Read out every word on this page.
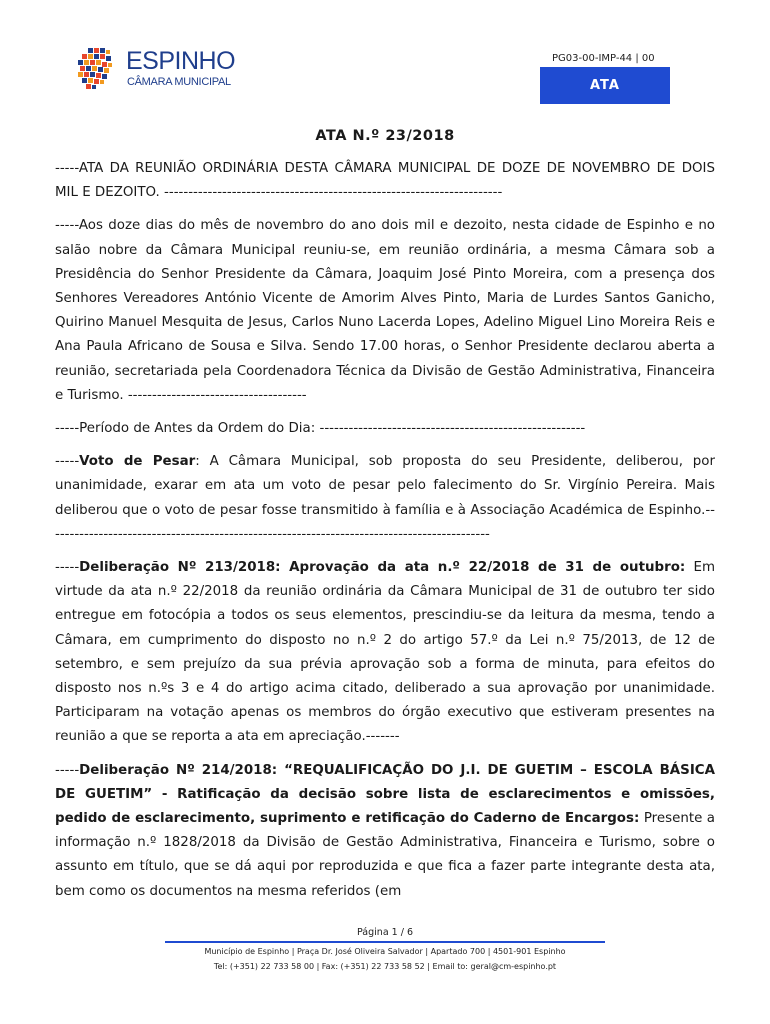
ESPINHO
CÂMARA MUNICIPAL
PG03-00-IMP-44 | 00
ATA
ATA N.º 23/2018

-----ATA DA REUNIÃO ORDINÁRIA DESTA CÂMARA MUNICIPAL DE DOZE DE NOVEMBRO DE DOIS MIL E DEZOITO. ----------------------------------------------------------------------

-----Aos doze dias do mês de novembro do ano dois mil e dezoito, nesta cidade de Espinho e no salão nobre da Câmara Municipal reuniu-se, em reunião ordinária, a mesma Câmara sob a Presidência do Senhor Presidente da Câmara, Joaquim José Pinto Moreira, com a presença dos Senhores Vereadores António Vicente de Amorim Alves Pinto, Maria de Lurdes Santos Ganicho, Quirino Manuel Mesquita de Jesus, Carlos Nuno Lacerda Lopes, Adelino Miguel Lino Moreira Reis e Ana Paula Africano de Sousa e Silva. Sendo 17.00 horas, o Senhor Presidente declarou aberta a reunião, secretariada pela Coordenadora Técnica da Divisão de Gestão Administrativa, Financeira e Turismo. -------------------------------------

-----Período de Antes da Ordem do Dia: -------------------------------------------------------

-----Voto de Pesar: A Câmara Municipal, sob proposta do seu Presidente, deliberou, por unanimidade, exarar em ata um voto de pesar pelo falecimento do Sr. Virgínio Pereira. Mais deliberou que o voto de pesar fosse transmitido à família e à Associação Académica de Espinho.--------------------------------------------------------------------------------------------

-----Deliberação Nº 213/2018: Aprovação da ata n.º 22/2018 de 31 de outubro: Em virtude da ata n.º 22/2018 da reunião ordinária da Câmara Municipal de 31 de outubro ter sido entregue em fotocópia a todos os seus elementos, prescindiu-se da leitura da mesma, tendo a Câmara, em cumprimento do disposto no n.º 2 do artigo 57.º da Lei n.º 75/2013, de 12 de setembro, e sem prejuízo da sua prévia aprovação sob a forma de minuta, para efeitos do disposto nos n.ºs 3 e 4 do artigo acima citado, deliberado a sua aprovação por unanimidade. Participaram na votação apenas os membros do órgão executivo que estiveram presentes na reunião a que se reporta a ata em apreciação.-------

-----Deliberação Nº 214/2018: “REQUALIFICAÇÃO DO J.I. DE GUETIM – ESCOLA BÁSICA DE GUETIM” - Ratificação da decisão sobre lista de esclarecimentos e omissões, pedido de esclarecimento, suprimento e retificação do Caderno de Encargos: Presente a informação n.º 1828/2018 da Divisão de Gestão Administrativa, Financeira e Turismo, sobre o assunto em título, que se dá aqui por reproduzida e que fica a fazer parte integrante desta ata, bem como os documentos na mesma referidos (em

Página 1 / 6
Município de Espinho | Praça Dr. José Oliveira Salvador | Apartado 700 | 4501-901 Espinho
Tel: (+351) 22 733 58 00 | Fax: (+351) 22 733 58 52 | Email to: geral@cm-espinho.pt
